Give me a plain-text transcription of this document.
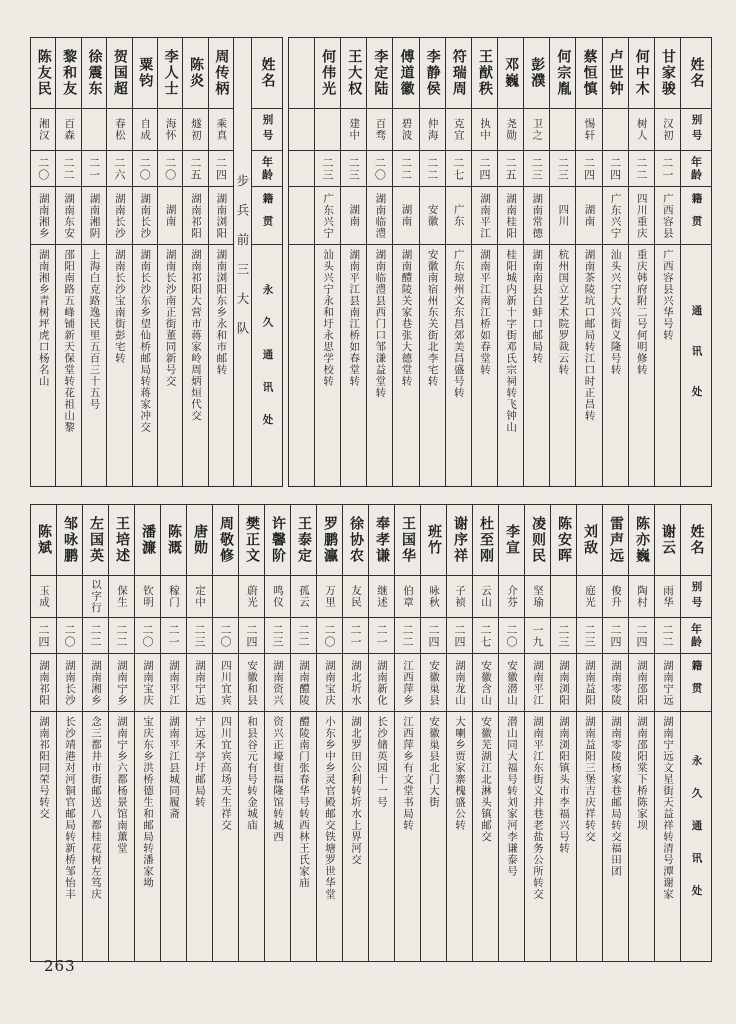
姓名
别号
年龄
籍贯
通讯处
甘家骏
汉初
二一
广西容县
广西容县兴华号转
何中木
树人
二二
四川重庆
重庆韩府附二号何明修转
卢世钟
二四
广东兴宁
汕头兴宁大兴街义隆号转
蔡恒慎
惕轩
二四
湖南
湖南茶陵坑口邮局转江口时正昌转
何宗胤
二三
四川
杭州国立艺术院罗裁云转
彭濮
卫之
二三
湖南常德
湖南南县白蚌口邮局转
邓巍
尧勋
二五
湖南桂阳
桂阳城内新十字街邓氏宗祠转飞钟山
王猷秩
执中
二四
湖南平江
湖南平江南江桥如春堂转
符瑞周
克宜
二七
广东
广东琼州文东昌郊美昌盛号转
李静侯
仲海
二二
安徽
安徽南宿州东关街北李宅转
傅道徽
碧波
二二
湖南
湖南醴陵关家巷张大德堂转
李定陆
百骛
二〇
湖南临澧
湖南临澧县西门口邹溓益堂转
王大权
建中
二三
湖南
湖南平江县南江桥如春堂转
何伟光
二三
广东兴宁
汕头兴宁永和圩永思学校转
姓名
别号
年龄
籍贯
永久通讯处
步兵前三大队
周传柄
乘真
二四
湖南浏阳
湖南浏阳东乡永和市邮转
陈炎
燧初
二五
湖南祁阳
湖南祁阳大营市蒋家岭周炳烜代交
李人士
海怀
二〇
湖南
湖南长沙南正街董同新号交
粟钧
自成
二〇
湖南长沙
湖南长沙东乡望仙桥邮局转蒋家冲交
贺国超
春松
二六
湖南长沙
湖南长沙宝南街彭宅转
徐震东
二一
湖南湘阴
上海白克路逸民里五百三十五号
黎和友
百森
二二
湖南东安
邵阳南路五峰铺新天保堂转花祖山黎
陈友民
湘汉
二〇
湖南湘乡
湖南湘乡青树坪虎口杨名山
姓名
别号
年龄
籍贯
永久通讯处
谢云
雨华
二二
湖南宁远
湖南宁远文星街天益祥转清号潭谢家
陈亦巍
陶村
二四
湖南邵阳
湖南邵阳棠下桥陈家坝
雷声远
俊升
二四
湖南零陵
湖南零陵杨家巷邮局转交福田团
刘敌
庭光
二三
湖南益阳
湖南益阳三堡吉庆祥转交
陈安晖
二三
湖南浏阳
湖南浏阳镇头市李福兴号转
凌则民
坚瑜
一九
湖南平江
湖南平江东街义井巷老盐务公所转交
李宣
介芬
二〇
安徽潜山
潜山同大福号转刘家河李谦泰号
杜至刚
云山
二七
安徽含山
安徽芜湖江北淋头镇邮交
谢序祥
子祯
二四
湖南龙山
大喇乡贾家寨槐盛公转
班竹
咏秋
二四
安徽巢县
安徽巢县北门大街
王国华
伯章
二二
江西萍乡
江西萍乡有文堂书局转
奉孝谦
继述
二一
湖南新化
长沙储英园十一号
徐协农
友民
二一
湖北圻水
湖北罗田公利转圻水上界河交
罗鹏瀛
万里
二〇
湖南宝庆
小东乡中乡灵官殿邮交铁塘罗世华堂
王泰定
孤云
二二
湖南醴陵
醴陵南门张春华号转西林王氏家庙
许馨阶
鸣仪
二三
湖南资兴
资兴正壕街福隆馆转城西
樊正文
蔚光
二四
安徽和县
和县谷元有号转金城庙
周敬修
二〇
四川宜宾
四川宜宾高场天生祥交
唐勋
定中
二三
湖南宁远
宁远禾亭圩邮局转
陈溉
稼门
二一
湖南平江
湖南平江县城同履斋
潘濂
钦明
二〇
湖南宝庆
宝庆东乡洪桥德生和邮局转潘家坳
王培述
保生
二二
湖南宁乡
湖南宁乡六都杨景馆南薰堂
左国英
以字行
二二
湖南湘乡
念三都井市街邮送八都桂花树左笃庆
邹咏鹏
二〇
湖南长沙
长沙靖港对河铜官邮局转新桥邹怡丰
陈斌
玉成
二四
湖南祁阳
湖南祁阳同荣号转交
263
